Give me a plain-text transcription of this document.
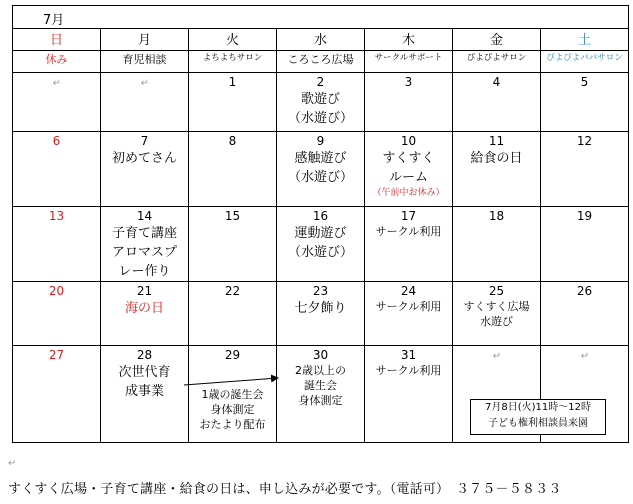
7月						

日	月	火	水	木	金	土
休み	育児相談	よちよちサロン	ころころ広場	サークルサポート	ぴよぴよサロン	ぴよぴよパパサロン

↵	↵	1	2
歌遊び
（水遊び）	3	4	5

6	7
初めてさん	8	9
感触遊び
（水遊び）	10
すくすく
ルーム
（午前中お休み）	11
給食の日	12

13	14
子育て講座
アロマスプ
レー作り	15	16
運動遊び
（水遊び）	17
サークル利用	18	19

20	21
海の日	22	23
七夕飾り	24
サークル利用	25
すくすく広場
水遊び	26

27	28
次世代育
成事業	29
1歳の誕生会
身体測定
おたより配布	30
2歳以上の
誕生会
身体測定	31
サークル利用	↵	↵
7月8日(火)11時～12時
子ども権利相談員来園
↵
すくすく広場・子育て講座・給食の日は、申し込みが必要です。（電話可）　３７５－５８３３
